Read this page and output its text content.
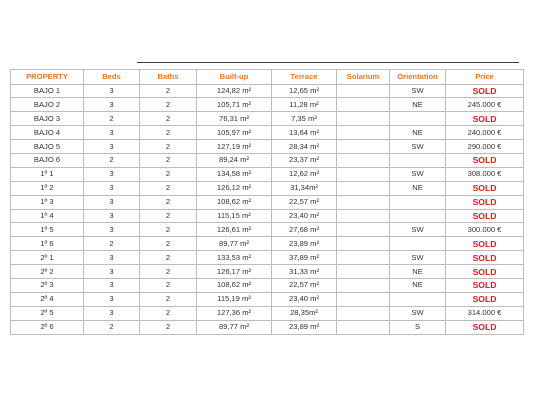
PROPERTY	Beds	Baths	Built-up	Terrace	Solarium	Orientation	Price
BAJO 1	3	2	124,82 m²	12,65 m²		SW	SOLD
BAJO 2	3	2	105,71 m²	11,28 m²		NE	245.000 €
BAJO 3	2	2	76,31 m²	7,35 m²			SOLD
BAJO 4	3	2	105,97 m²	13,64 m²		NE	240.000 €
BAJO 5	3	2	127,19 m²	28,34 m²		SW	290.000 €
BAJO 6	2	2	89,24 m²	23,37 m²			SOLD
1º 1	3	2	134,58 m²	12,62 m²		SW	308.000 €
1º 2	3	2	126,12 m²	31,34m²		NE	SOLD
1º 3	3	2	108,62 m²	22,57 m²			SOLD
1º 4	3	2	115,15 m²	23,40 m²			SOLD
1º 5	3	2	126,61 m²	27,68 m²		SW	300.000 €
1º 6	2	2	89,77 m²	23,89 m²			SOLD
2º 1	3	2	133,53 m²	37,89 m²		SW	SOLD
2º 2	3	2	126,17 m²	31,33 m²		NE	SOLD
2º 3	3	2	108,62 m²	22,57 m²		NE	SOLD
2º 4	3	2	115,19 m²	23,40 m²			SOLD
2º 5	3	2	127,36 m²	28,35m²		SW	314.000 €
2º 6	2	2	89,77 m²	23,89 m²		S	SOLD
